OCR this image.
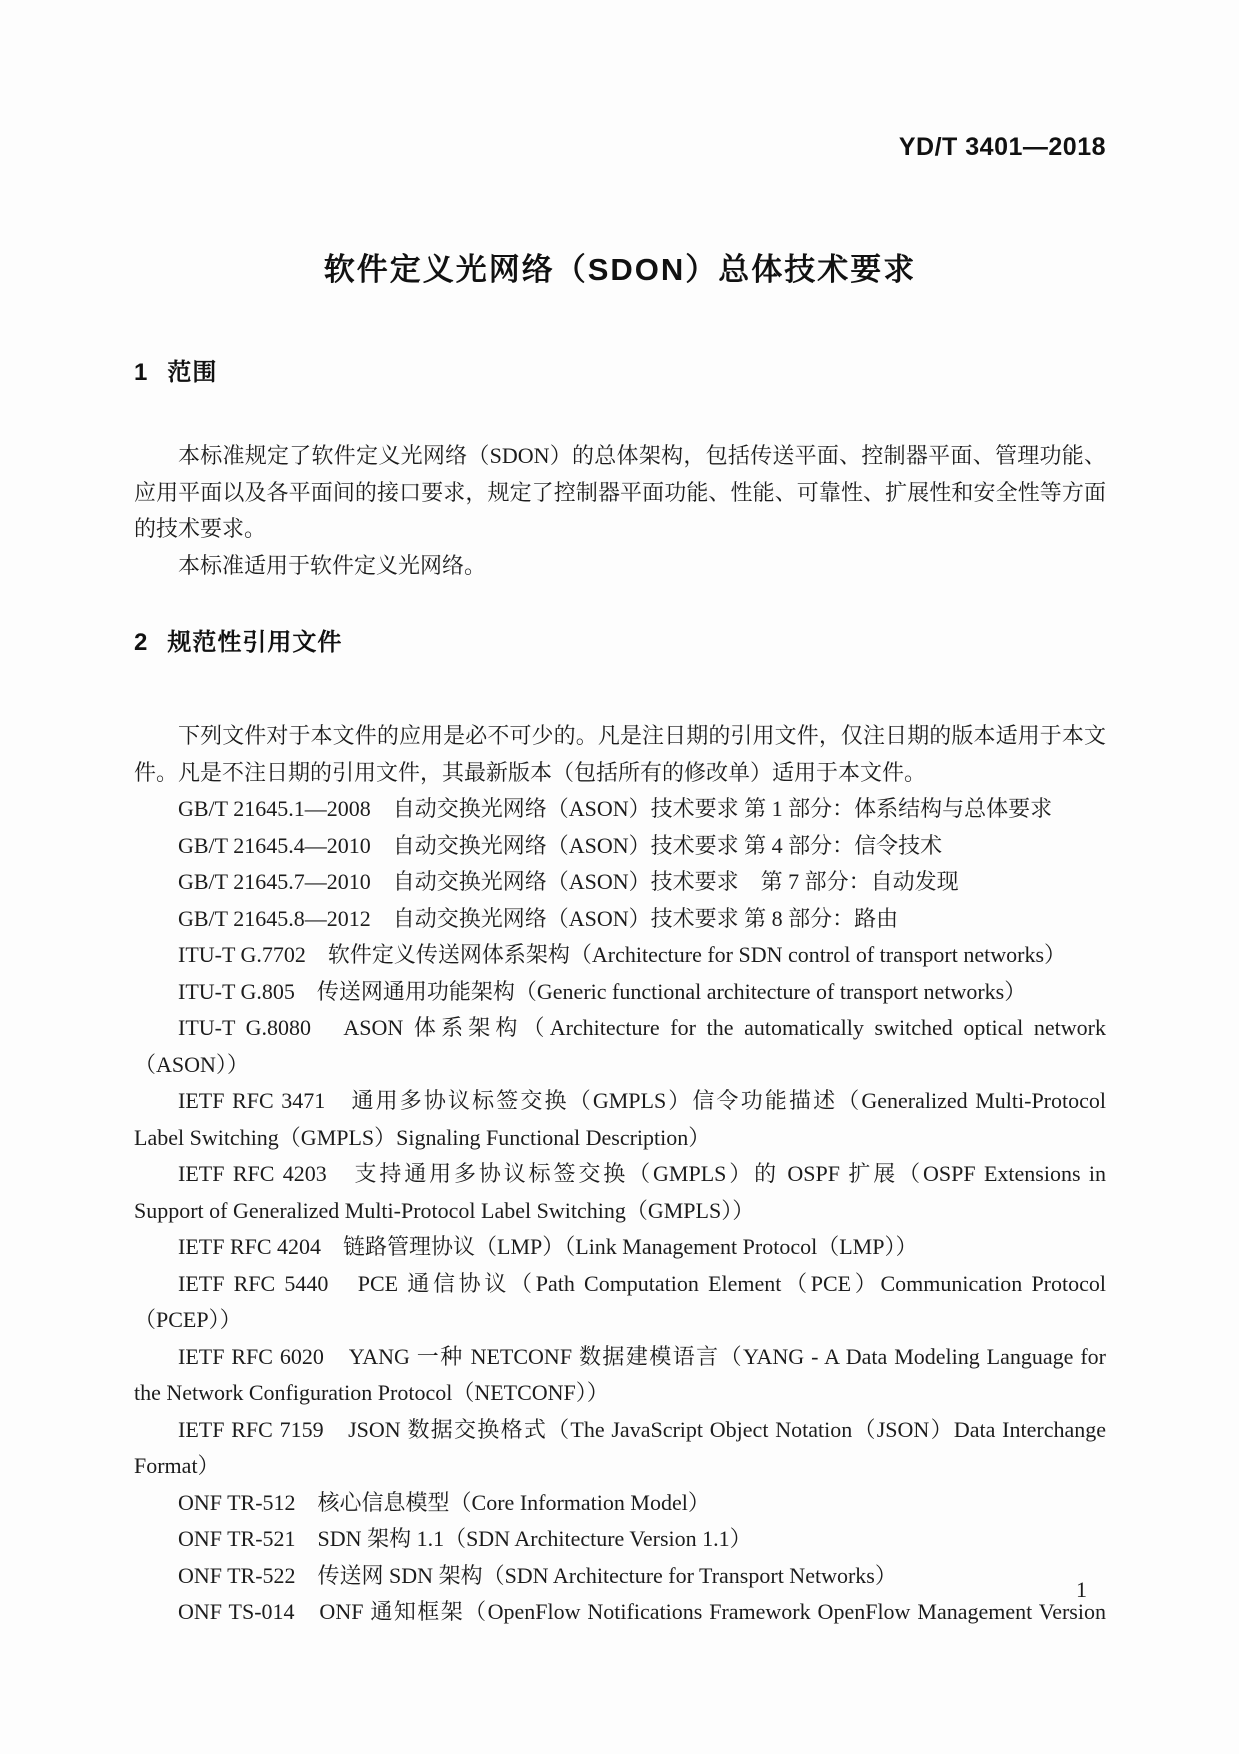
YD/T 3401—2018
软件定义光网络（SDON）总体技术要求
1 范围

本标准规定了软件定义光网络（SDON）的总体架构，包括传送平面、控制器平面、管理功能、应用平面以及各平面间的接口要求，规定了控制器平面功能、性能、可靠性、扩展性和安全性等方面的技术要求。

本标准适用于软件定义光网络。

2 规范性引用文件

下列文件对于本文件的应用是必不可少的。凡是注日期的引用文件，仅注日期的版本适用于本文件。凡是不注日期的引用文件，其最新版本（包括所有的修改单）适用于本文件。

GB/T 21645.1—2008　自动交换光网络（ASON）技术要求 第 1 部分：体系结构与总体要求

GB/T 21645.4—2010　自动交换光网络（ASON）技术要求 第 4 部分：信令技术

GB/T 21645.7—2010　自动交换光网络（ASON）技术要求　第 7 部分：自动发现

GB/T 21645.8—2012　自动交换光网络（ASON）技术要求 第 8 部分：路由

ITU-T G.7702　软件定义传送网体系架构（Architecture for SDN control of transport networks）

ITU-T G.805　传送网通用功能架构（Generic functional architecture of transport networks）

ITU-T G.8080　ASON 体系架构（Architecture for the automatically switched optical network（ASON））

IETF RFC 3471　通用多协议标签交换（GMPLS）信令功能描述（Generalized Multi-Protocol Label Switching（GMPLS）Signaling Functional Description）

IETF RFC 4203　支持通用多协议标签交换（GMPLS）的 OSPF 扩展（OSPF Extensions in Support of Generalized Multi-Protocol Label Switching（GMPLS））

IETF RFC 4204　链路管理协议（LMP）（Link Management Protocol（LMP））

IETF RFC 5440　PCE 通信协议（Path Computation Element（PCE）Communication Protocol（PCEP））

IETF RFC 6020　YANG 一种 NETCONF 数据建模语言（YANG - A Data Modeling Language for the Network Configuration Protocol（NETCONF））

IETF RFC 7159　JSON 数据交换格式（The JavaScript Object Notation（JSON）Data Interchange Format）

ONF TR-512　核心信息模型（Core Information Model）

ONF TR-521　SDN 架构 1.1（SDN Architecture Version 1.1）

ONF TR-522　传送网 SDN 架构（SDN Architecture for Transport Networks）

ONF TS-014　ONF 通知框架（OpenFlow Notifications Framework OpenFlow Management Version

1
